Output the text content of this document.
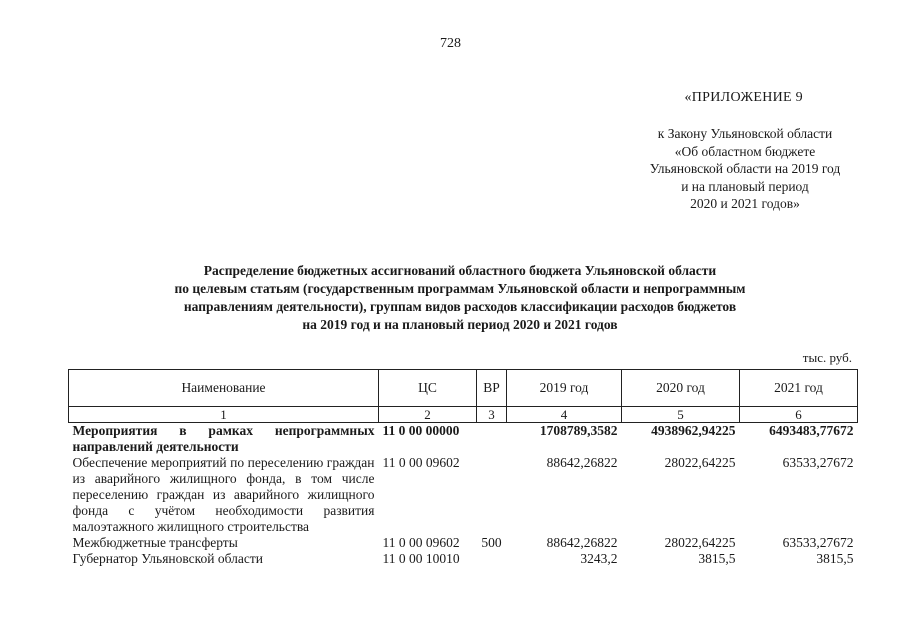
728
«ПРИЛОЖЕНИЕ 9
к Закону Ульяновской области
«Об областном бюджете
Ульяновской области на 2019 год
и на плановый период
2020 и 2021 годов»
Распределение бюджетных ассигнований областного бюджета Ульяновской области
по целевым статьям (государственным программам Ульяновской области и непрограммным
направлениям деятельности), группам видов расходов классификации расходов бюджетов
на 2019 год и на плановый период 2020 и 2021 годов
тыс. руб.
Наименование	ЦС	ВР	2019 год	2020 год	2021 год
1	2	3	4	5	6
Мероприятия в рамках непрограммных направлений деятельности	11 0 00 00000		1708789,3582	4938962,94225	6493483,77672
Обеспечение мероприятий по переселению граждан из аварийного жилищного фонда, в том числе переселению граждан из аварийного жилищного фонда с учётом необходимости развития малоэтажного жилищного строительства	11 0 00 09602		88642,26822	28022,64225	63533,27672
Межбюджетные трансферты	11 0 00 09602	500	88642,26822	28022,64225	63533,27672
Губернатор Ульяновской области	11 0 00 10010		3243,2	3815,5	3815,5
